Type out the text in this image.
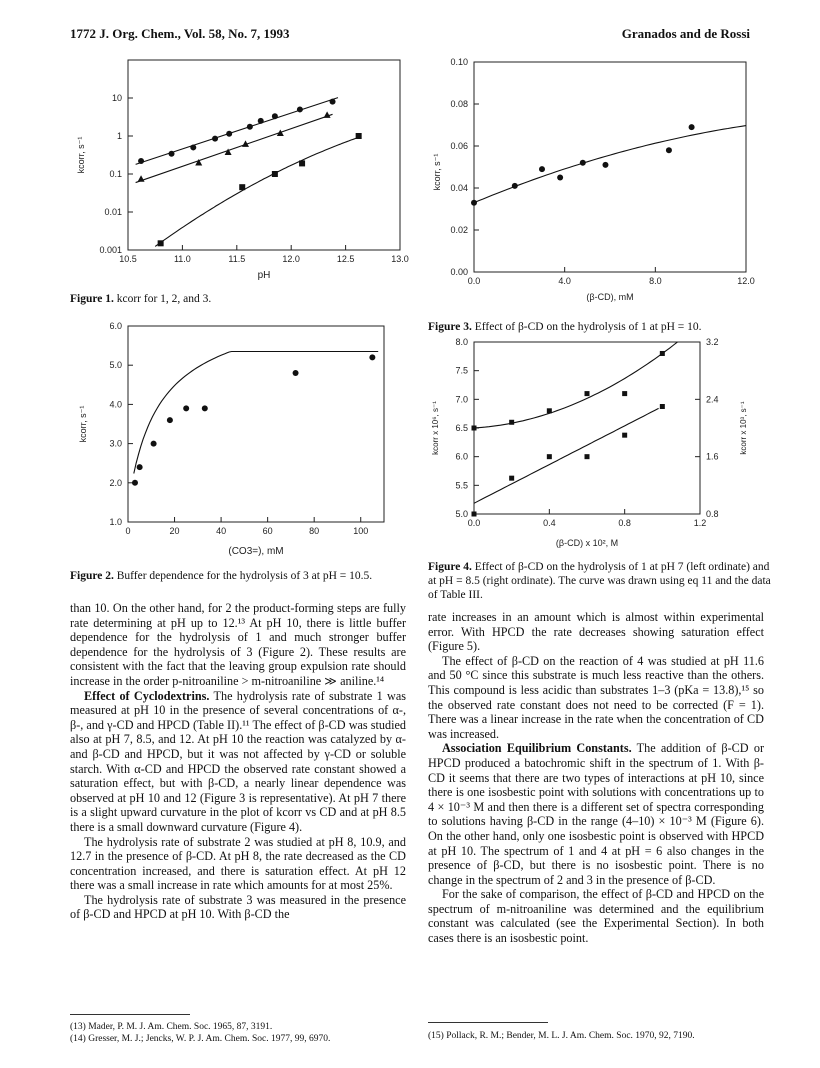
1772 J. Org. Chem., Vol. 58, No. 7, 1993	Granados and de Rossi
10
1
0.1
0.01
0.001
10.5	11.0	11.5	12.0	12.5	13.0
pH
kcorr, s⁻¹
Figure 1. kcorr for 1, 2, and 3.
6.0
5.0
4.0
3.0
2.0
1.0
0	20	40	60	80	100
(CO3=), mM
kcorr, s⁻¹
Figure 2. Buffer dependence for the hydrolysis of 3 at pH = 10.5.
0.10
0.08
0.06
0.04
0.02
0.00
0.0	4.0	8.0	12.0
(β-CD), mM
kcorr, s⁻¹
Figure 3. Effect of β-CD on the hydrolysis of 1 at pH = 10.
8.0
7.5
7.0
6.5
6.0
5.5
5.0
3.2
2.4
1.6
0.8
0.0	0.4	0.8	1.2
(β-CD) x 10², M
kcorr x 10⁶, s⁻¹	kcorr x 10³, s⁻¹
Figure 4. Effect of β-CD on the hydrolysis of 1 at pH 7 (left ordinate) and at pH = 8.5 (right ordinate). The curve was drawn using eq 11 and the data of Table III.

than 10. On the other hand, for 2 the product-forming steps are fully rate determining at pH up to 12.¹³ At pH 10, there is little buffer dependence for the hydrolysis of 1 and much stronger buffer dependence for the hydrolysis of 3 (Figure 2). These results are consistent with the fact that the leaving group expulsion rate should increase in the order p-nitroaniline > m-nitroaniline ≫ aniline.¹⁴

Effect of Cyclodextrins. The hydrolysis rate of substrate 1 was measured at pH 10 in the presence of several concentrations of α-, β-, and γ-CD and HPCD (Table II).¹¹ The effect of β-CD was studied also at pH 7, 8.5, and 12. At pH 10 the reaction was catalyzed by α- and β-CD and HPCD, but it was not affected by γ-CD or soluble starch. With α-CD and HPCD the observed rate constant showed a saturation effect, but with β-CD, a nearly linear dependence was observed at pH 10 and 12 (Figure 3 is representative). At pH 7 there is a slight upward curvature in the plot of kcorr vs CD and at pH 8.5 there is a small downward curvature (Figure 4).

The hydrolysis rate of substrate 2 was studied at pH 8, 10.9, and 12.7 in the presence of β-CD. At pH 8, the rate decreased as the CD concentration increased, and there is saturation effect. At pH 12 there was a small increase in rate which amounts for at most 25%.

The hydrolysis rate of substrate 3 was measured in the presence of β-CD and HPCD at pH 10. With β-CD the

(13) Mader, P. M. J. Am. Chem. Soc. 1965, 87, 3191.
(14) Gresser, M. J.; Jencks, W. P. J. Am. Chem. Soc. 1977, 99, 6970.

rate increases in an amount which is almost within experimental error. With HPCD the rate decreases showing saturation effect (Figure 5).

The effect of β-CD on the reaction of 4 was studied at pH 11.6 and 50 °C since this substrate is much less reactive than the others. This compound is less acidic than substrates 1–3 (pKa = 13.8),¹⁵ so the observed rate constant does not need to be corrected (F = 1). There was a linear increase in the rate when the concentration of CD was increased.

Association Equilibrium Constants. The addition of β-CD or HPCD produced a batochromic shift in the spectrum of 1. With β-CD it seems that there are two types of interactions at pH 10, since there is one isosbestic point with solutions with concentrations up to 4 × 10⁻³ M and then there is a different set of spectra corresponding to solutions having β-CD in the range (4–10) × 10⁻³ M (Figure 6). On the other hand, only one isosbestic point is observed with HPCD at pH 10. The spectrum of 1 and 4 at pH = 6 also changes in the presence of β-CD, but there is no isosbestic point. There is no change in the spectrum of 2 and 3 in the presence of β-CD.

For the sake of comparison, the effect of β-CD and HPCD on the spectrum of m-nitroaniline was determined and the equilibrium constant was calculated (see the Experimental Section). In both cases there is an isosbestic point.

(15) Pollack, R. M.; Bender, M. L. J. Am. Chem. Soc. 1970, 92, 7190.
